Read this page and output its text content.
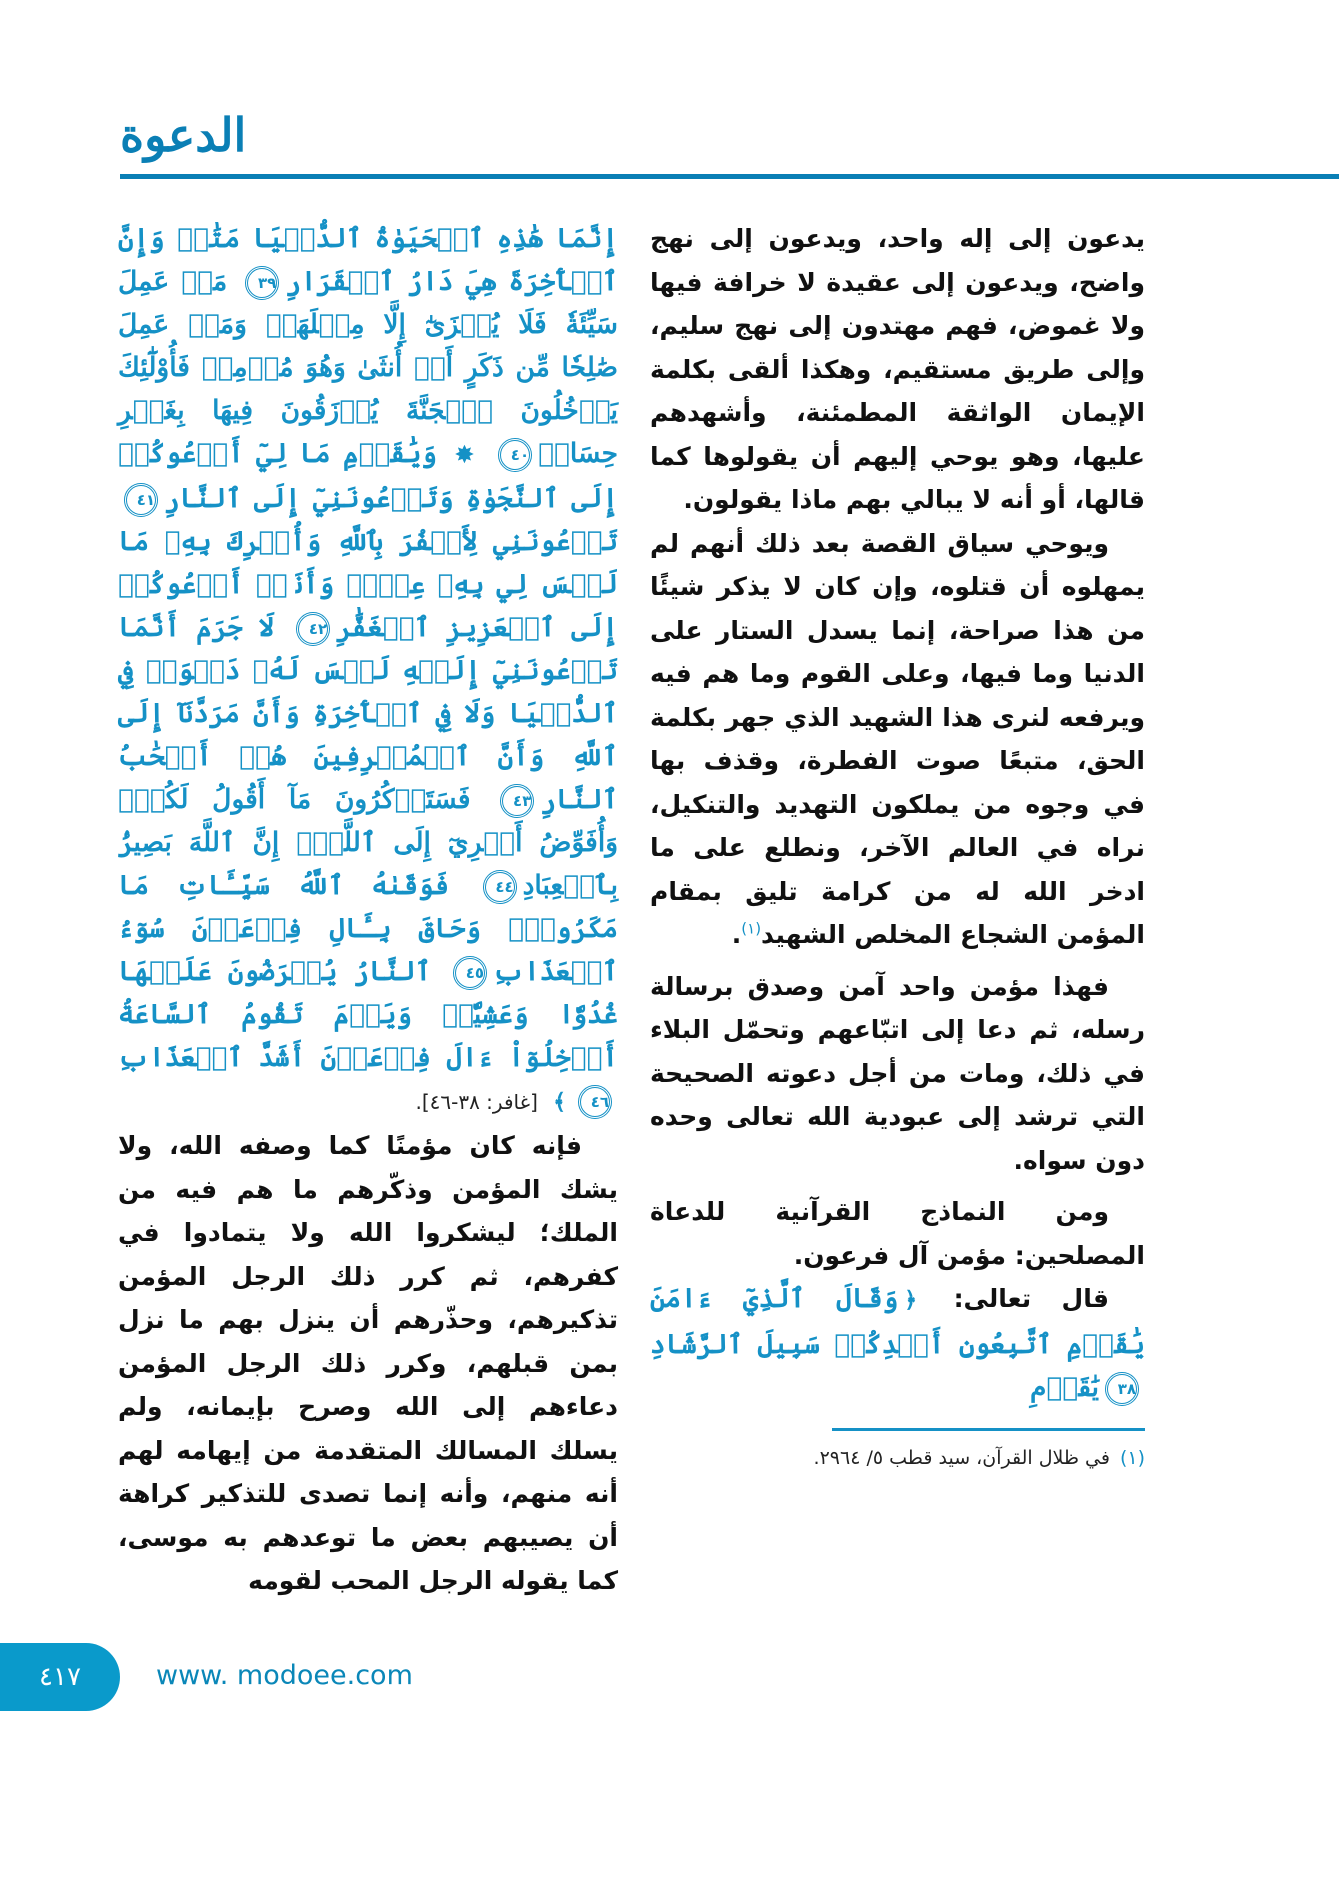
الدعوة

إِنَّمَا هَٰذِهِ ٱلۡحَيَوٰةُ ٱلدُّنۡيَا مَتَٰعٞ وَإِنَّ ٱلۡأٓخِرَةَ هِيَ دَارُ ٱلۡقَرَارِ٣٩ مَنۡ عَمِلَ سَيِّئَةٗ فَلَا يُجۡزَىٰٓ إِلَّا مِثۡلَهَاۖ وَمَنۡ عَمِلَ صَٰلِحٗا مِّن ذَكَرٍ أَوۡ أُنثَىٰ وَهُوَ مُؤۡمِنٞ فَأُوْلَٰٓئِكَ يَدۡخُلُونَ ٱلۡجَنَّةَ يُرۡزَقُونَ فِيهَا بِغَيۡرِ حِسَابٖ٤٠ ✸ وَيَٰقَوۡمِ مَا لِيٓ أَدۡعُوكُمۡ إِلَى ٱلنَّجَوٰةِ وَتَدۡعُونَنِيٓ إِلَى ٱلنَّارِ٤١ تَدۡعُونَنِي لِأَكۡفُرَ بِٱللَّهِ وَأُشۡرِكَ بِهِۦ مَا لَيۡسَ لِي بِهِۦ عِلۡمٞ وَأَنَا۠ أَدۡعُوكُمۡ إِلَى ٱلۡعَزِيزِ ٱلۡغَفَّٰرِ٤٢ لَا جَرَمَ أَنَّمَا تَدۡعُونَنِيٓ إِلَيۡهِ لَيۡسَ لَهُۥ دَعۡوَةٞ فِي ٱلدُّنۡيَا وَلَا فِي ٱلۡأٓخِرَةِ وَأَنَّ مَرَدَّنَآ إِلَى ٱللَّهِ وَأَنَّ ٱلۡمُسۡرِفِينَ هُمۡ أَصۡحَٰبُ ٱلنَّارِ٤٣ فَسَتَذۡكُرُونَ مَآ أَقُولُ لَكُمۡۚ وَأُفَوِّضُ أَمۡرِيٓ إِلَى ٱللَّهِۚ إِنَّ ٱللَّهَ بَصِيرُۢ بِٱلۡعِبَادِ٤٤ فَوَقَىٰهُ ٱللَّهُ سَيِّـَٔاتِ مَا مَكَرُواْۖ وَحَاقَ بِـَٔالِ فِرۡعَوۡنَ سُوٓءُ ٱلۡعَذَابِ٤٥ ٱلنَّارُ يُعۡرَضُونَ عَلَيۡهَا غُدُوّٗا وَعَشِيّٗاۚ وَيَوۡمَ تَقُومُ ٱلسَّاعَةُ أَدۡخِلُوٓاْ ءَالَ فِرۡعَوۡنَ أَشَدَّ ٱلۡعَذَابِ٤٦﴾ [غافر: ٣٨-٤٦].

فإنه كان مؤمنًا كما وصفه الله، ولا يشك المؤمن وذكّرهم ما هم فيه من الملك؛ ليشكروا الله ولا يتمادوا في كفرهم، ثم كرر ذلك الرجل المؤمن تذكيرهم، وحذّرهم أن ينزل بهم ما نزل بمن قبلهم، وكرر ذلك الرجل المؤمن دعاءهم إلى الله وصرح بإيمانه، ولم يسلك المسالك المتقدمة من إيهامه لهم أنه منهم، وأنه إنما تصدى للتذكير كراهة أن يصيبهم بعض ما توعدهم به موسى، كما يقوله الرجل المحب لقومه

يدعون إلى إله واحد، ويدعون إلى نهج واضح، ويدعون إلى عقيدة لا خرافة فيها ولا غموض، فهم مهتدون إلى نهج سليم، وإلى طريق مستقيم، وهكذا ألقى بكلمة الإيمان الواثقة المطمئنة، وأشهدهم عليها، وهو يوحي إليهم أن يقولوها كما قالها، أو أنه لا يبالي بهم ماذا يقولون.

ويوحي سياق القصة بعد ذلك أنهم لم يمهلوه أن قتلوه، وإن كان لا يذكر شيئًا من هذا صراحة، إنما يسدل الستار على الدنيا وما فيها، وعلى القوم وما هم فيه ويرفعه لنرى هذا الشهيد الذي جهر بكلمة الحق، متبعًا صوت الفطرة، وقذف بها في وجوه من يملكون التهديد والتنكيل، نراه في العالم الآخر، ونطلع على ما ادخر الله له من كرامة تليق بمقام المؤمن الشجاع المخلص الشهيد$^{(١)}$.

فهذا مؤمن واحد آمن وصدق برسالة رسله، ثم دعا إلى اتبّاعهم وتحمّل البلاء في ذلك، ومات من أجل دعوته الصحيحة التي ترشد إلى عبودية الله تعالى وحده دون سواه.

ومن النماذج القرآنية للدعاة المصلحين: مؤمن آل فرعون.

قال تعالى: ﴿وَقَالَ ٱلَّذِيٓ ءَامَنَ يَٰقَوۡمِ ٱتَّبِعُونِ أَهۡدِكُمۡ سَبِيلَ ٱلرَّشَادِ٣٨يَٰقَوۡمِ

(١)في ظلال القرآن، سيد قطب ٥/ ٢٩٦٤.
٤١٧	www. modoee.com
